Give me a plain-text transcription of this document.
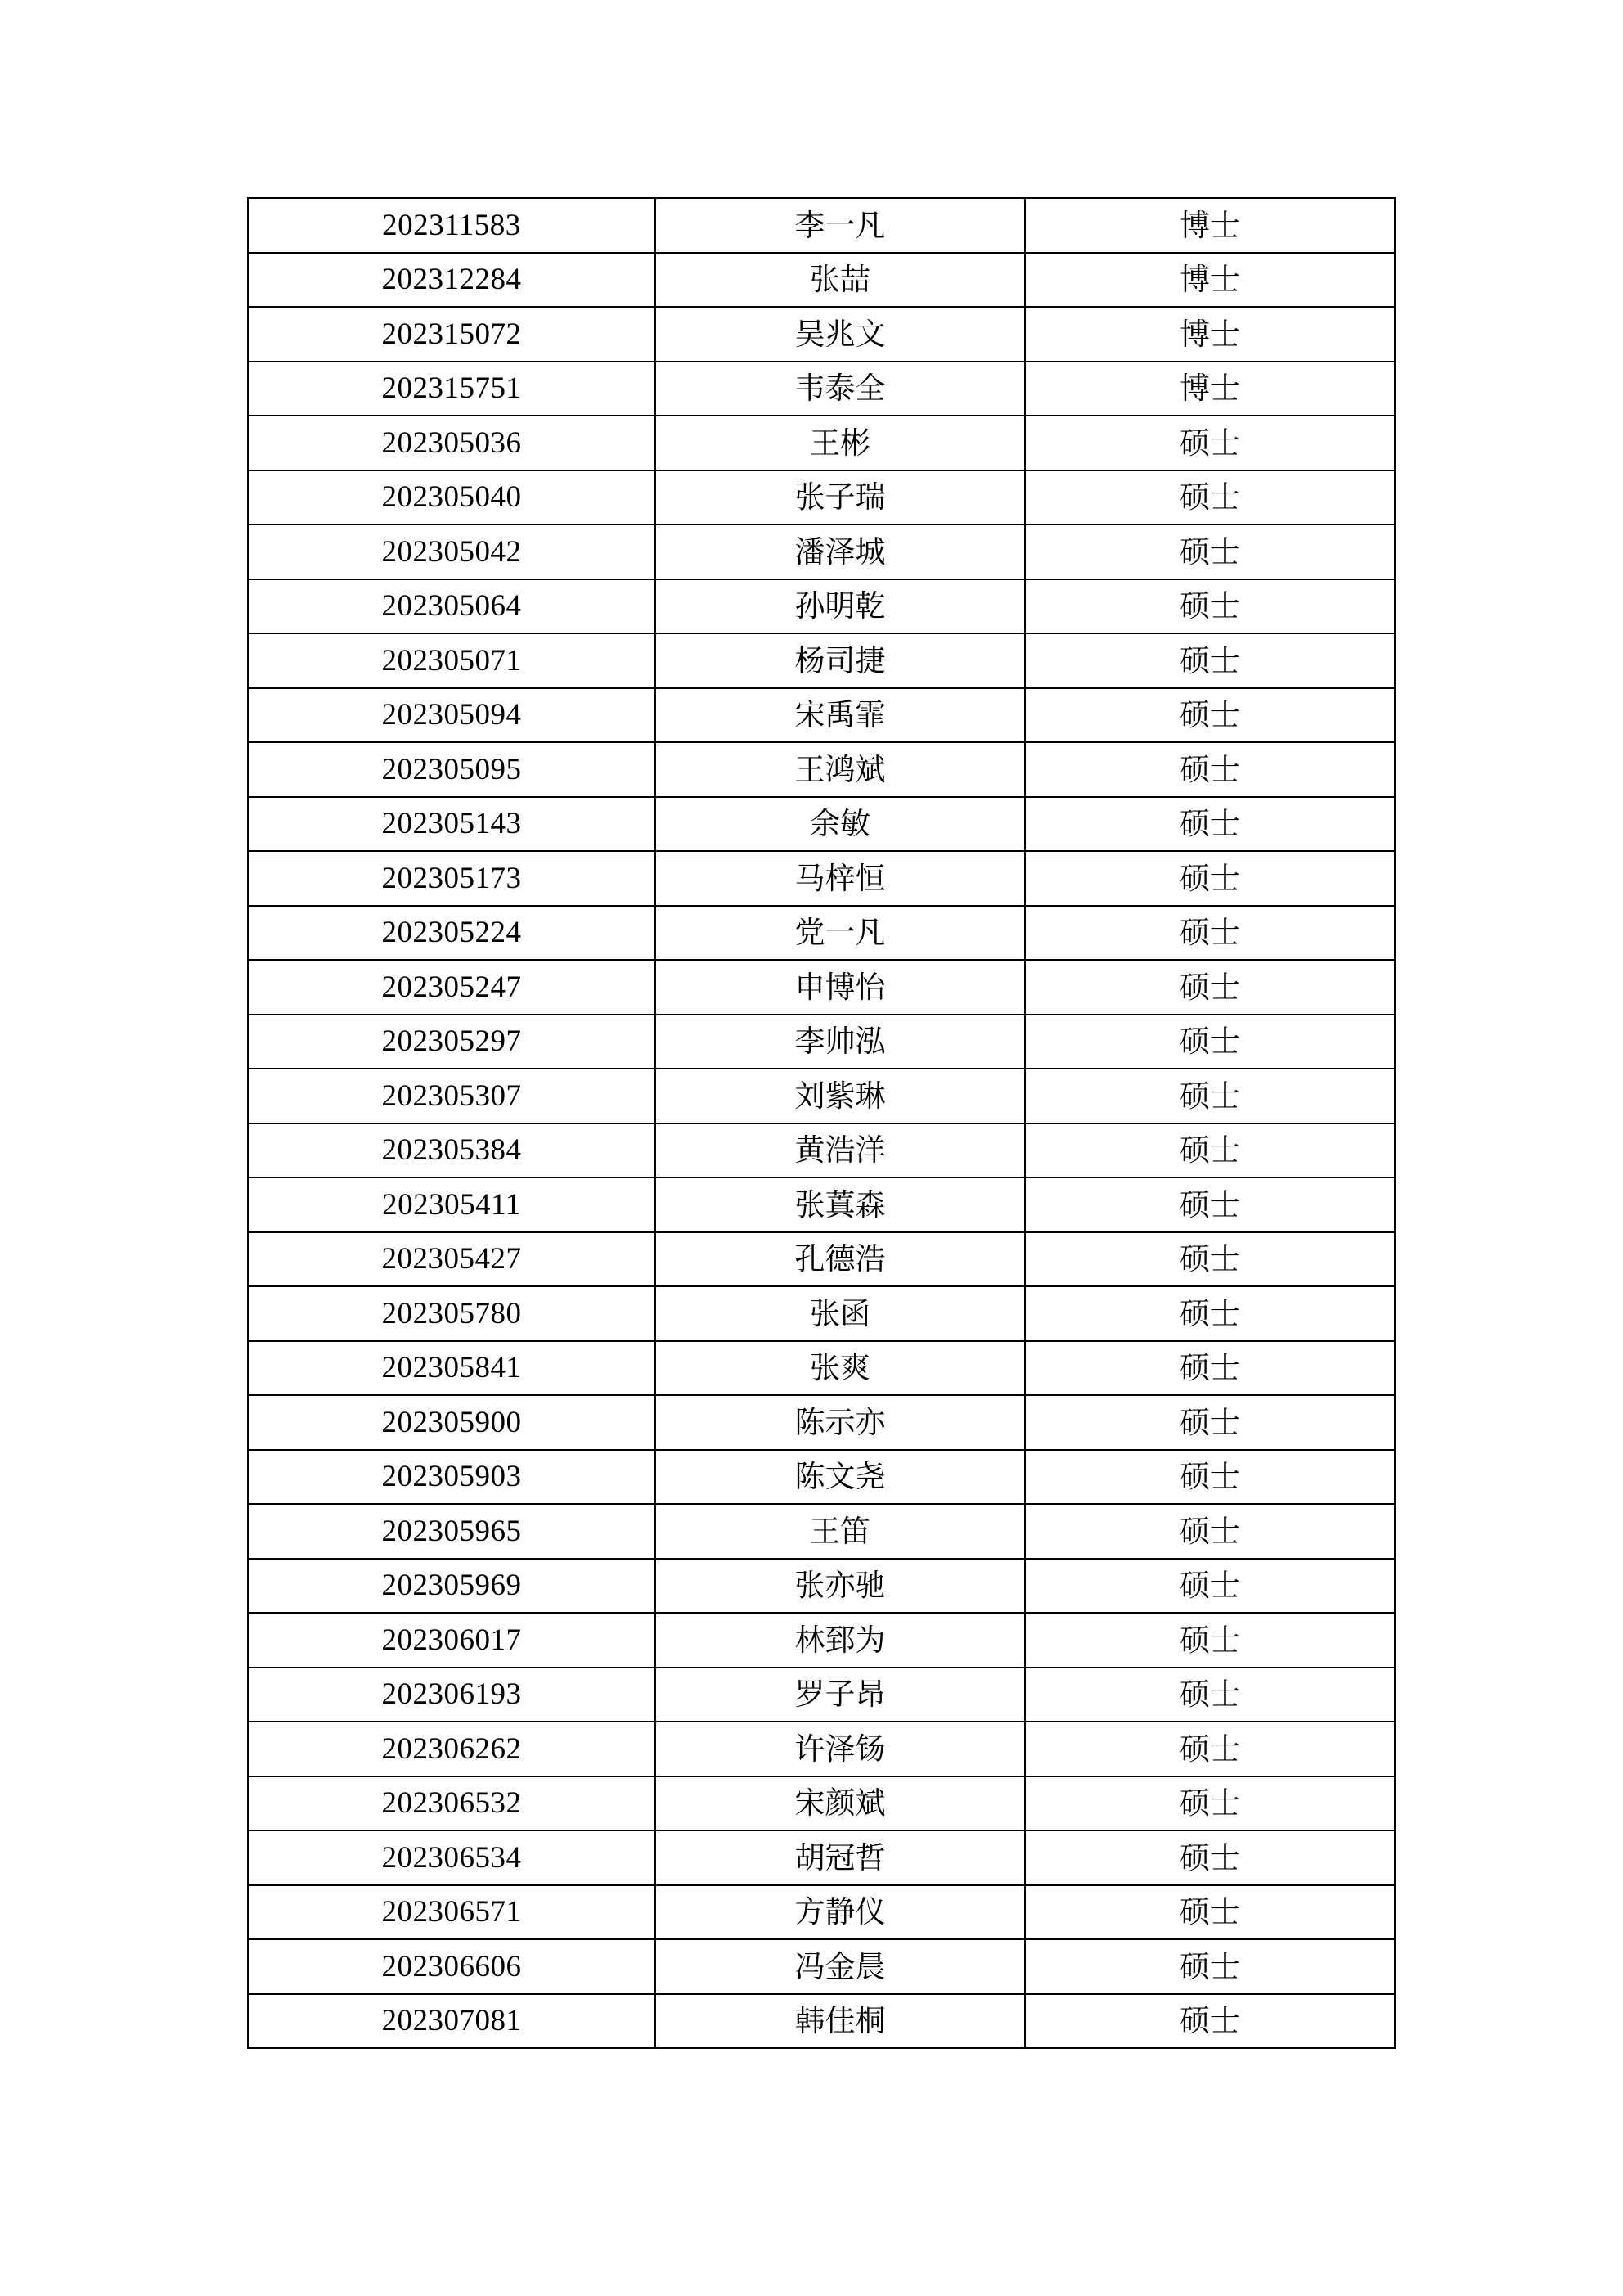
202311583	李一凡	博士
202312284	张喆	博士
202315072	吴兆文	博士
202315751	韦泰全	博士
202305036	王彬	硕士
202305040	张子瑞	硕士
202305042	潘泽城	硕士
202305064	孙明乾	硕士
202305071	杨司捷	硕士
202305094	宋禹霏	硕士
202305095	王鸿斌	硕士
202305143	余敏	硕士
202305173	马梓恒	硕士
202305224	党一凡	硕士
202305247	申博怡	硕士
202305297	李帅泓	硕士
202305307	刘紫琳	硕士
202305384	黄浩洋	硕士
202305411	张蒖森	硕士
202305427	孔德浩	硕士
202305780	张函	硕士
202305841	张爽	硕士
202305900	陈示亦	硕士
202305903	陈文尧	硕士
202305965	王笛	硕士
202305969	张亦驰	硕士
202306017	林郅为	硕士
202306193	罗子昂	硕士
202306262	许泽钖	硕士
202306532	宋颜斌	硕士
202306534	胡冠哲	硕士
202306571	方静仪	硕士
202306606	冯金晨	硕士
202307081	韩佳桐	硕士
